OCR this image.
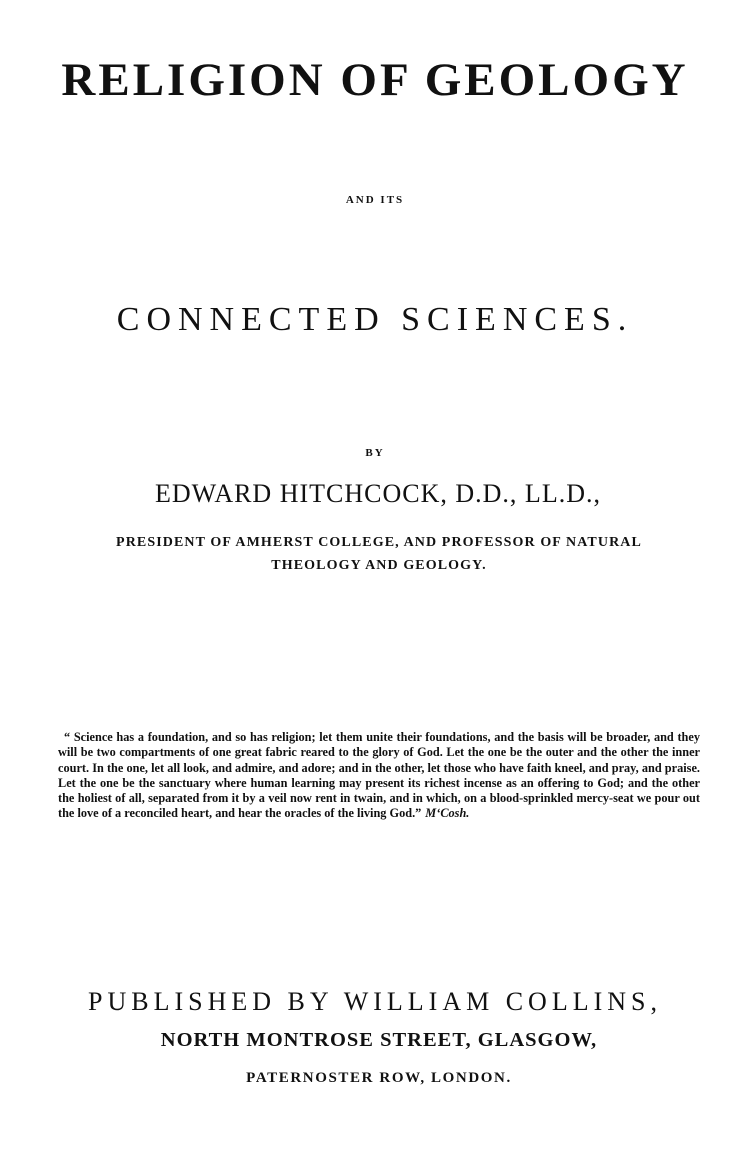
RELIGION OF GEOLOGY
AND ITS
CONNECTED SCIENCES.
BY
EDWARD HITCHCOCK, D.D., LL.D.,
PRESIDENT OF AMHERST COLLEGE, AND PROFESSOR OF NATURAL THEOLOGY AND GEOLOGY.

“ Science has a foundation, and so has religion; let them unite their foundations, and the basis will be broader, and they will be two compartments of one great fabric reared to the glory of God. Let the one be the outer and the other the inner court. In the one, let all look, and admire, and adore; and in the other, let those who have faith kneel, and pray, and praise. Let the one be the sanctuary where human learning may present its richest incense as an offering to God; and the other the holiest of all, separated from it by a veil now rent in twain, and in which, on a blood-sprinkled mercy-seat we pour out the love of a reconciled heart, and hear the oracles of the living God.” M‘Cosh.

PUBLISHED BY WILLIAM COLLINS,
NORTH MONTROSE STREET, GLASGOW,
PATERNOSTER ROW, LONDON.
